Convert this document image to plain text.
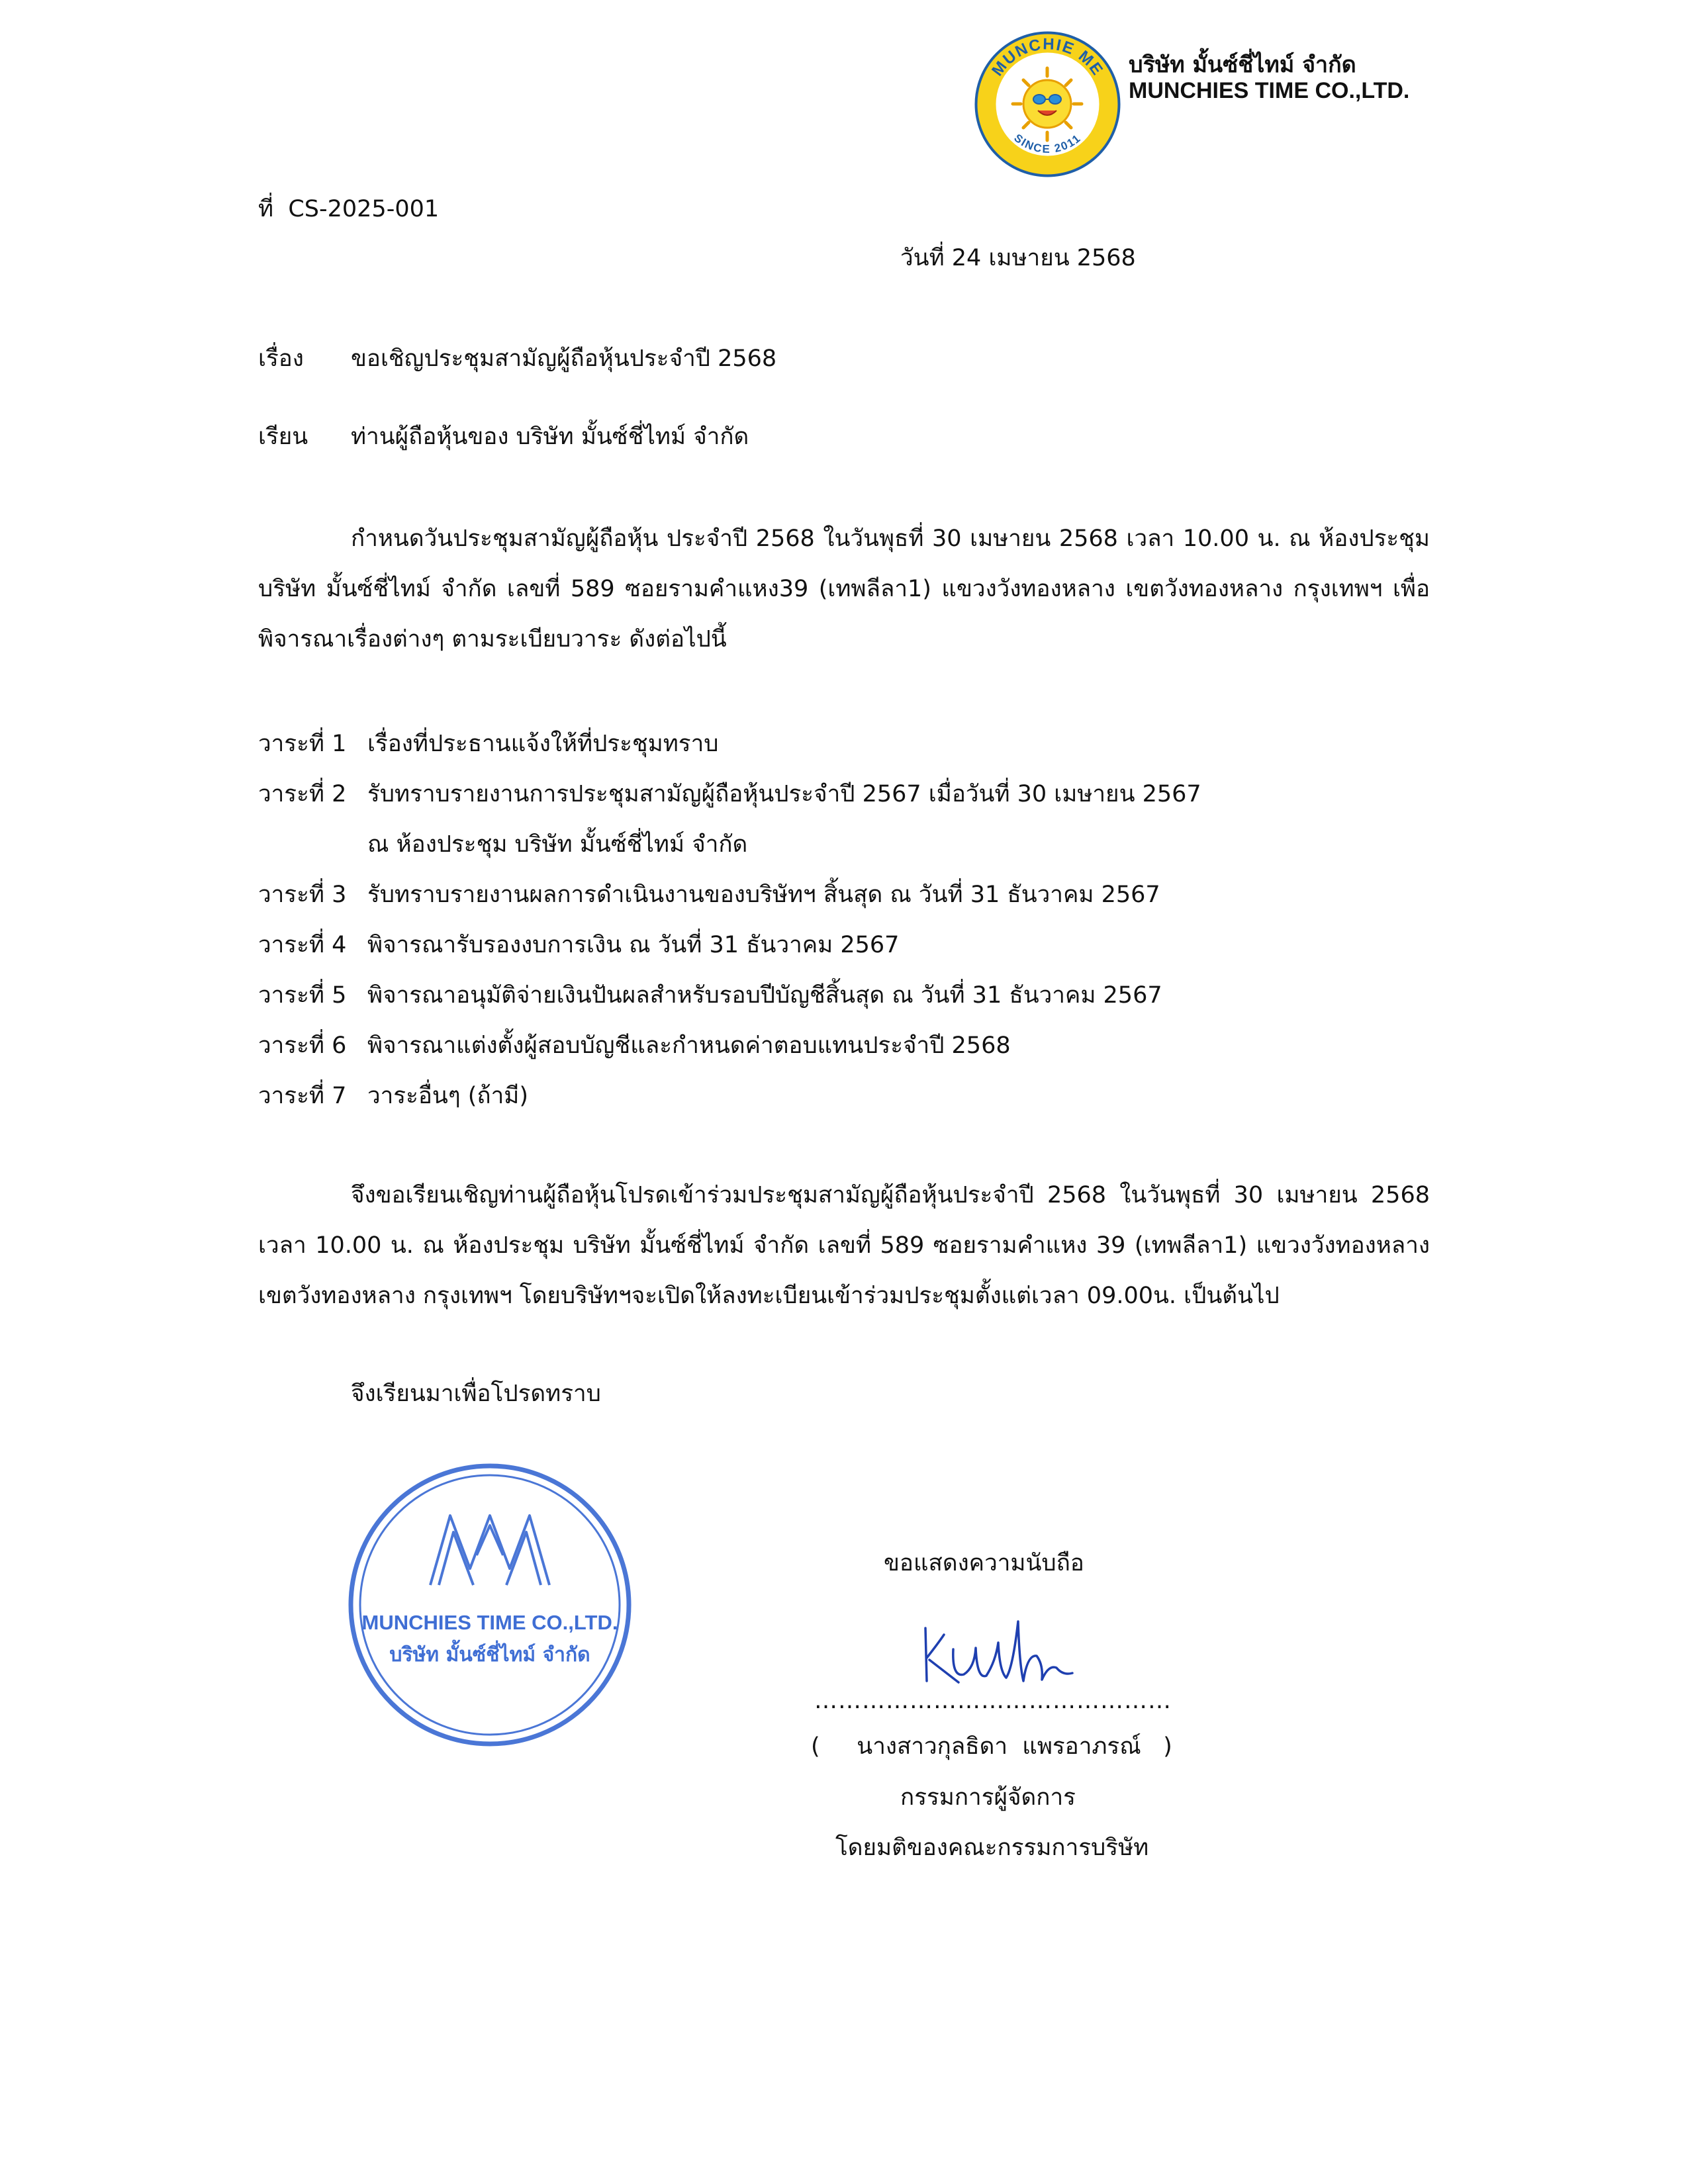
MUNCHIE ME
SINCE 2011
บริษัท มั้นซ์ชี่ไทม์ จำกัด
MUNCHIES TIME CO.,LTD.
ที่ CS-2025-001
วันที่ 24 เมษายน 2568
เรื่อง ขอเชิญประชุมสามัญผู้ถือหุ้นประจำปี 2568
เรียน ท่านผู้ถือหุ้นของ บริษัท มั้นซ์ชี่ไทม์ จำกัด
กำหนดวันประชุมสามัญผู้ถือหุ้น ประจำปี 2568 ในวันพุธที่ 30 เมษายน 2568 เวลา 10.00 น. ณ ห้องประชุม บริษัท มั้นซ์ชี่ไทม์ จำกัด เลขที่ 589 ซอยรามคำแหง39 (เทพลีลา1) แขวงวังทองหลาง เขตวังทองหลาง กรุงเทพฯ เพื่อพิจารณาเรื่องต่างๆ ตามระเบียบวาระ ดังต่อไปนี้
วาระที่ 1 เรื่องที่ประธานแจ้งให้ที่ประชุมทราบ
วาระที่ 2 รับทราบรายงานการประชุมสามัญผู้ถือหุ้นประจำปี 2567 เมื่อวันที่ 30 เมษายน 2567
ณ ห้องประชุม บริษัท มั้นซ์ชี่ไทม์ จำกัด
วาระที่ 3 รับทราบรายงานผลการดำเนินงานของบริษัทฯ สิ้นสุด ณ วันที่ 31 ธันวาคม 2567
วาระที่ 4 พิจารณารับรองงบการเงิน ณ วันที่ 31 ธันวาคม 2567
วาระที่ 5 พิจารณาอนุมัติจ่ายเงินปันผลสำหรับรอบปีบัญชีสิ้นสุด ณ วันที่ 31 ธันวาคม 2567
วาระที่ 6 พิจารณาแต่งตั้งผู้สอบบัญชีและกำหนดค่าตอบแทนประจำปี 2568
วาระที่ 7 วาระอื่นๆ (ถ้ามี)
จึงขอเรียนเชิญท่านผู้ถือหุ้นโปรดเข้าร่วมประชุมสามัญผู้ถือหุ้นประจำปี 2568 ในวันพุธที่ 30 เมษายน 2568 เวลา 10.00 น. ณ ห้องประชุม บริษัท มั้นซ์ชี่ไทม์ จำกัด เลขที่ 589 ซอยรามคำแหง 39 (เทพลีลา1) แขวงวังทองหลาง เขตวังทองหลาง กรุงเทพฯ โดยบริษัทฯจะเปิดให้ลงทะเบียนเข้าร่วมประชุมตั้งแต่เวลา 09.00น. เป็นต้นไป
จึงเรียนมาเพื่อโปรดทราบ
MUNCHIES TIME CO.,LTD.
บริษัท มั้นซ์ชี่ไทม์ จำกัด
ขอแสดงความนับถือ
………………………………………
(     นางสาวกุลธิดา  แพรอาภรณ์   )
กรรมการผู้จัดการ
โดยมติของคณะกรรมการบริษัท
